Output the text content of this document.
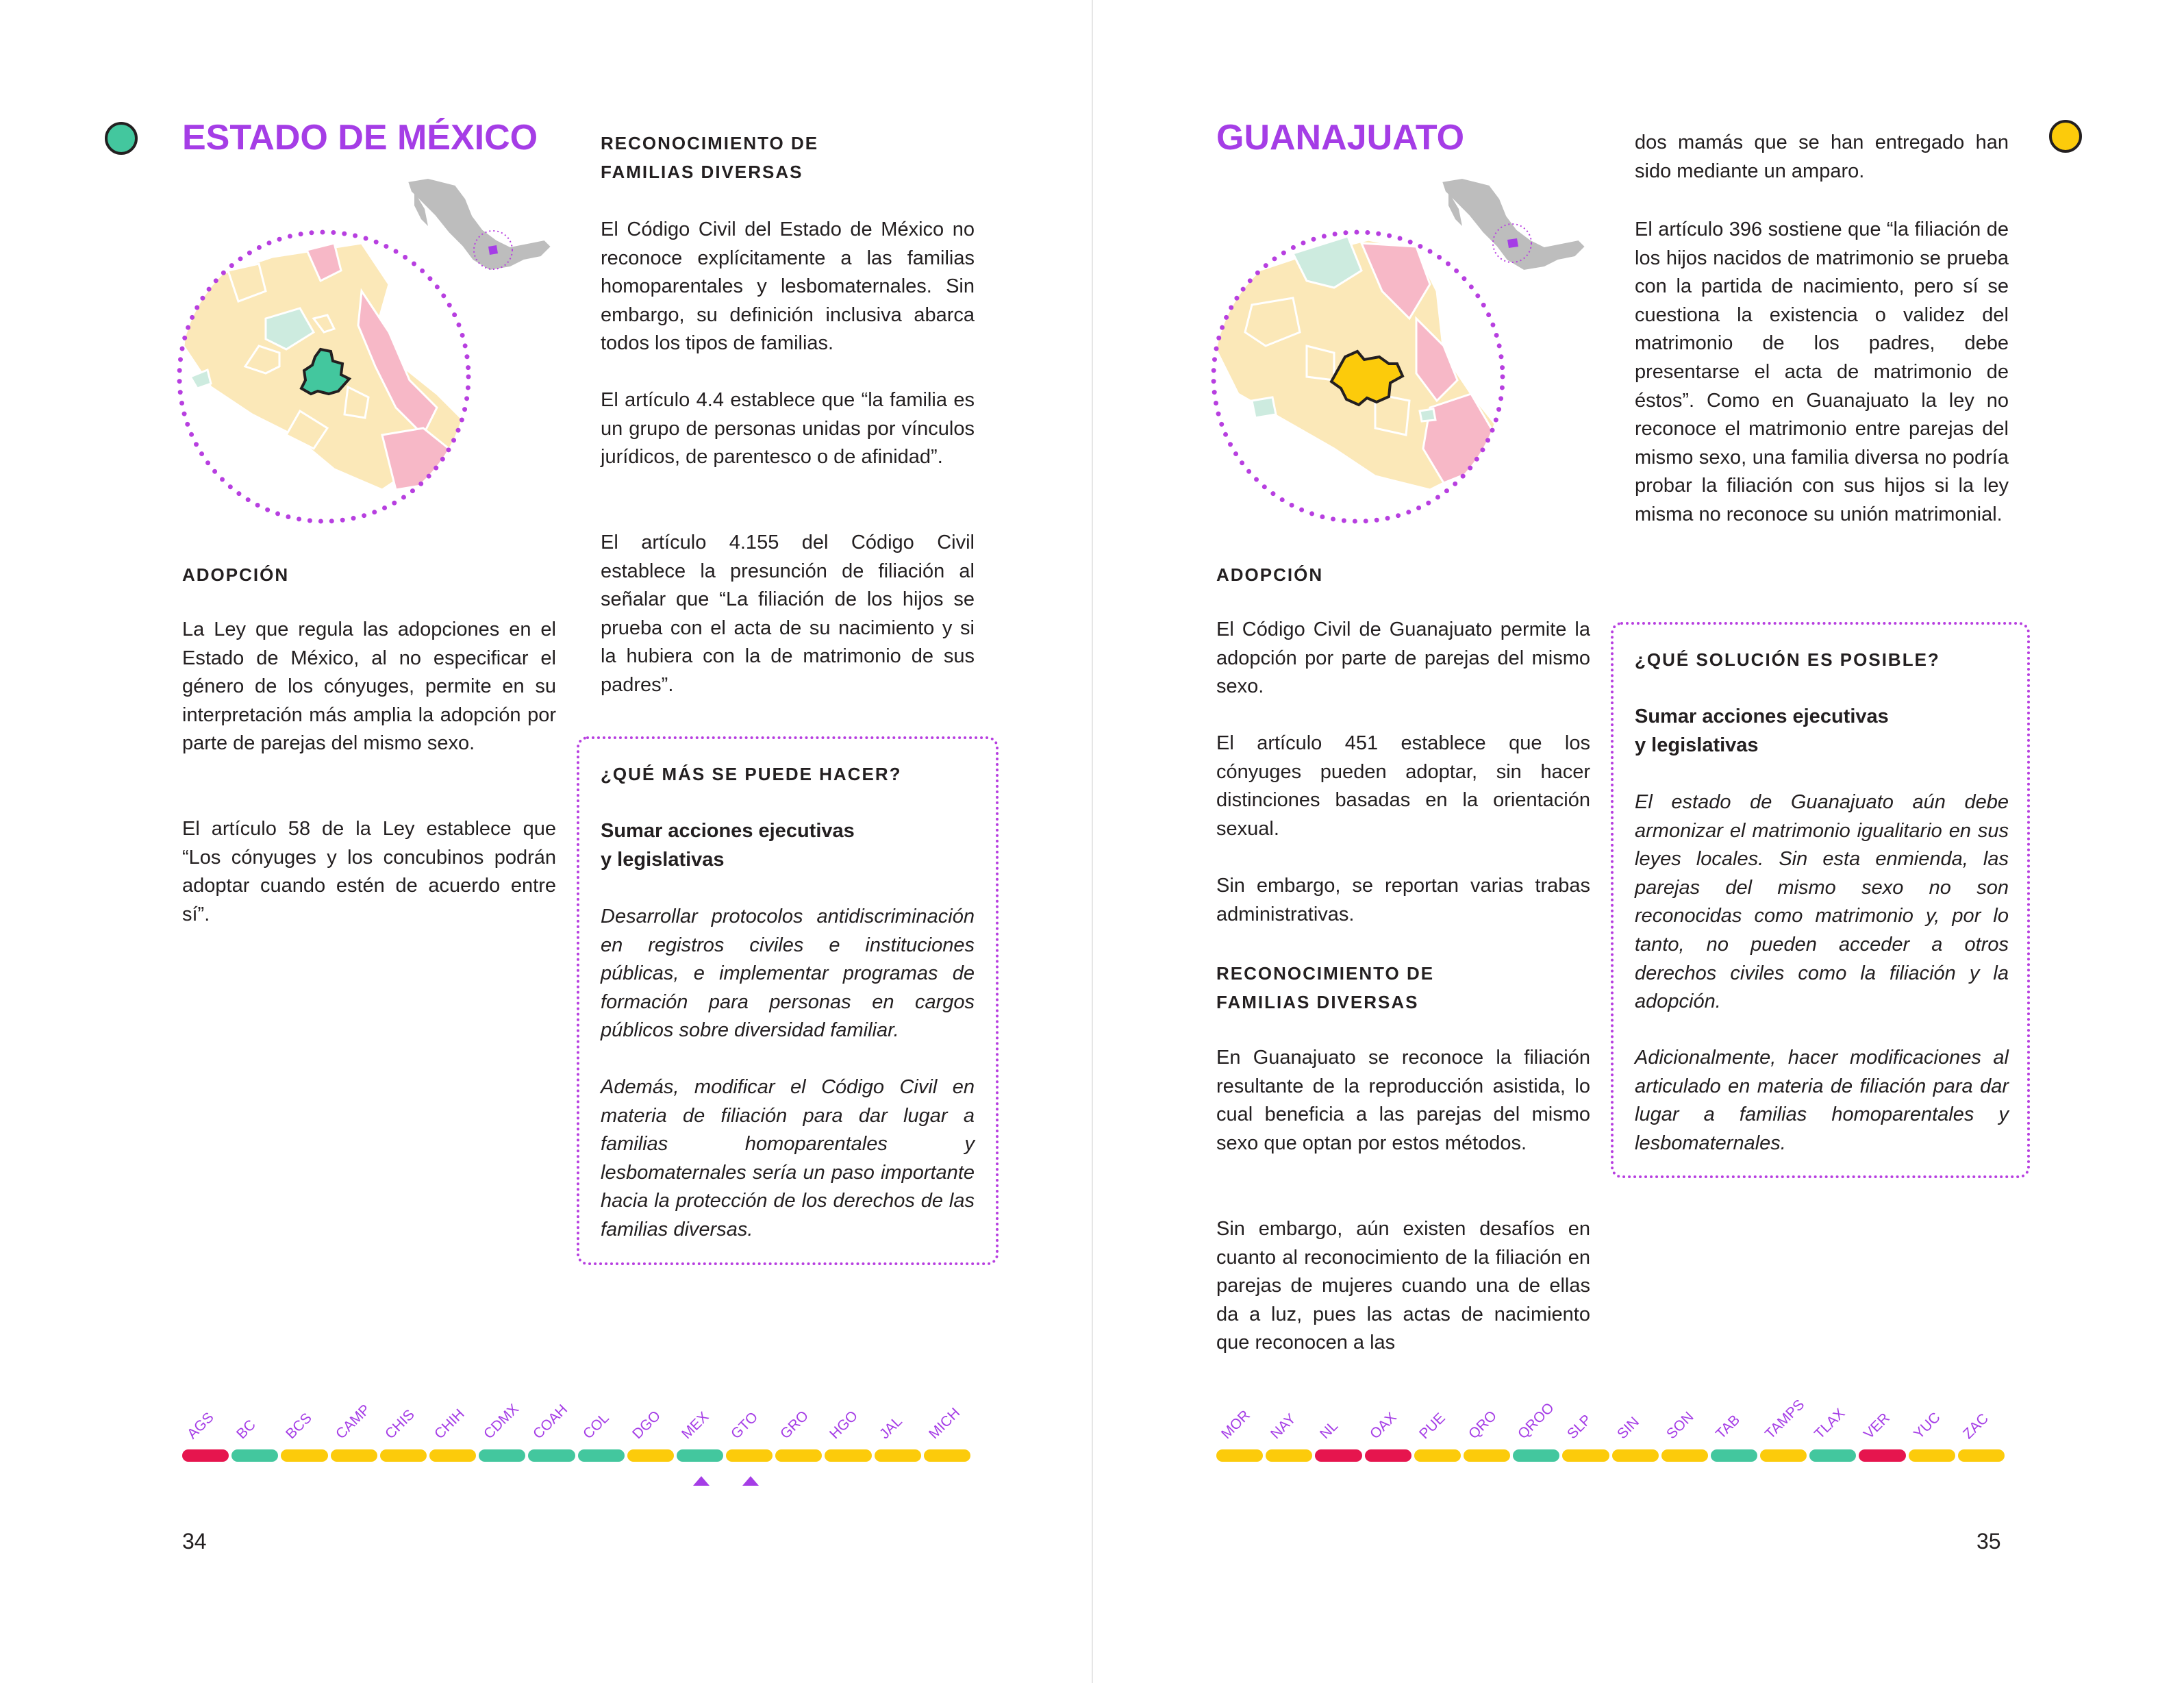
ESTADO DE MÉXICO
ADOPCIÓN

La Ley que regula las adopciones en el Estado de México, al no especificar el género de los cónyuges, permite en su interpretación más amplia la adopción por parte de parejas del mismo sexo.

El artículo 58 de la Ley establece que “Los cónyuges y los concubinos podrán adoptar cuando estén de acuerdo entre sí”.

RECONOCIMIENTO DE
FAMILIAS DIVERSAS

El Código Civil del Estado de México no reconoce explícitamente a las familias homoparentales y lesbomaternales. Sin embargo, su definición inclusiva abarca todos los tipos de familias.

El artículo 4.4 establece que “la familia es un grupo de personas unidas por vínculos jurídicos, de parentesco o de afinidad”.

El artículo 4.155 del Código Civil establece la presunción de filiación al señalar que “La filiación de los hijos se prueba con el acta de su nacimiento y si la hubiera con la de matrimonio de sus padres”.

¿QUÉ MÁS SE PUEDE HACER?

Sumar acciones ejecutivas

y legislativas

Desarrollar protocolos antidiscriminación en registros civiles e instituciones públicas, e implementar programas de formación para personas en cargos públicos sobre diversidad familiar.

Además, modificar el Código Civil en materia de filiación para dar lugar a familias homoparentales y lesbomaternales sería un paso importante hacia la protección de los derechos de las familias diversas.

AGS BC BCS CAMP CHIS CHIH CDMX COAH COL DGO MEX GTO GRO HGO JAL MICH

34

GUANAJUATO
ADOPCIÓN

El Código Civil de Guanajuato permite la adopción por parte de parejas del mismo sexo.

El artículo 451 establece que los cónyuges pueden adoptar, sin hacer distinciones basadas en la orientación sexual.

Sin embargo, se reportan varias trabas administrativas.

RECONOCIMIENTO DE
FAMILIAS DIVERSAS

En Guanajuato se reconoce la filiación resultante de la reproducción asistida, lo cual beneficia a las parejas del mismo sexo que optan por estos métodos.

Sin embargo, aún existen desafíos en cuanto al reconocimiento de la filiación en parejas de mujeres cuando una de ellas da a luz, pues las actas de nacimiento que reconocen a las

dos mamás que se han entregado han sido mediante un amparo.

El artículo 396 sostiene que “la filiación de los hijos nacidos de matrimonio se prueba con la partida de nacimiento, pero sí se cuestiona la existencia o validez del matrimonio de los padres, debe presentarse el acta de matrimonio de éstos”. Como en Guanajuato la ley no reconoce el matrimonio entre parejas del mismo sexo, una familia diversa no podría probar la filiación con sus hijos si la ley misma no reconoce su unión matrimonial.

¿QUÉ SOLUCIÓN ES POSIBLE?

Sumar acciones ejecutivas

y legislativas

El estado de Guanajuato aún debe armonizar el matrimonio igualitario en sus leyes locales. Sin esta enmienda, las parejas del mismo sexo no son reconocidas como matrimonio y, por lo tanto, no pueden acceder a otros derechos civiles como la filiación y la adopción.

Adicionalmente, hacer modificaciones al articulado en materia de filiación para dar lugar a familias homoparentales y lesbomaternales.

MOR NAY NL OAX PUE QRO QROO SLP SIN SON TAB TAMPS TLAX VER YUC ZAC

35
